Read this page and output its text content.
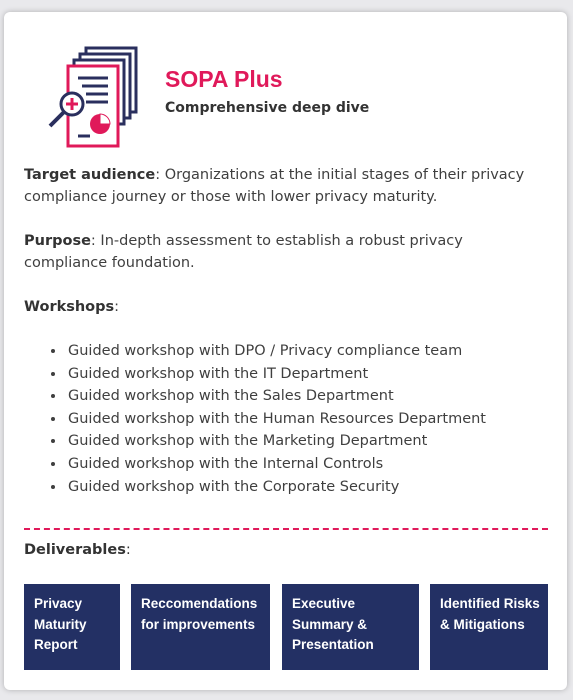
SOPA Plus
Comprehensive deep dive
Target audience: Organizations at the initial stages of their privacy compliance journey or those with lower privacy maturity.
Purpose: In-depth assessment to establish a robust privacy compliance foundation.
Workshops:
• Guided workshop with DPO / Privacy compliance team
• Guided workshop with the IT Department
• Guided workshop with the Sales Department
• Guided workshop with the Human Resources Department
• Guided workshop with the Marketing Department
• Guided workshop with the Internal Controls
• Guided workshop with the Corporate Security
Deliverables:
Privacy Maturity Report
Reccomendations for improvements
Executive Summary & Presentation
Identified Risks & Mitigations
